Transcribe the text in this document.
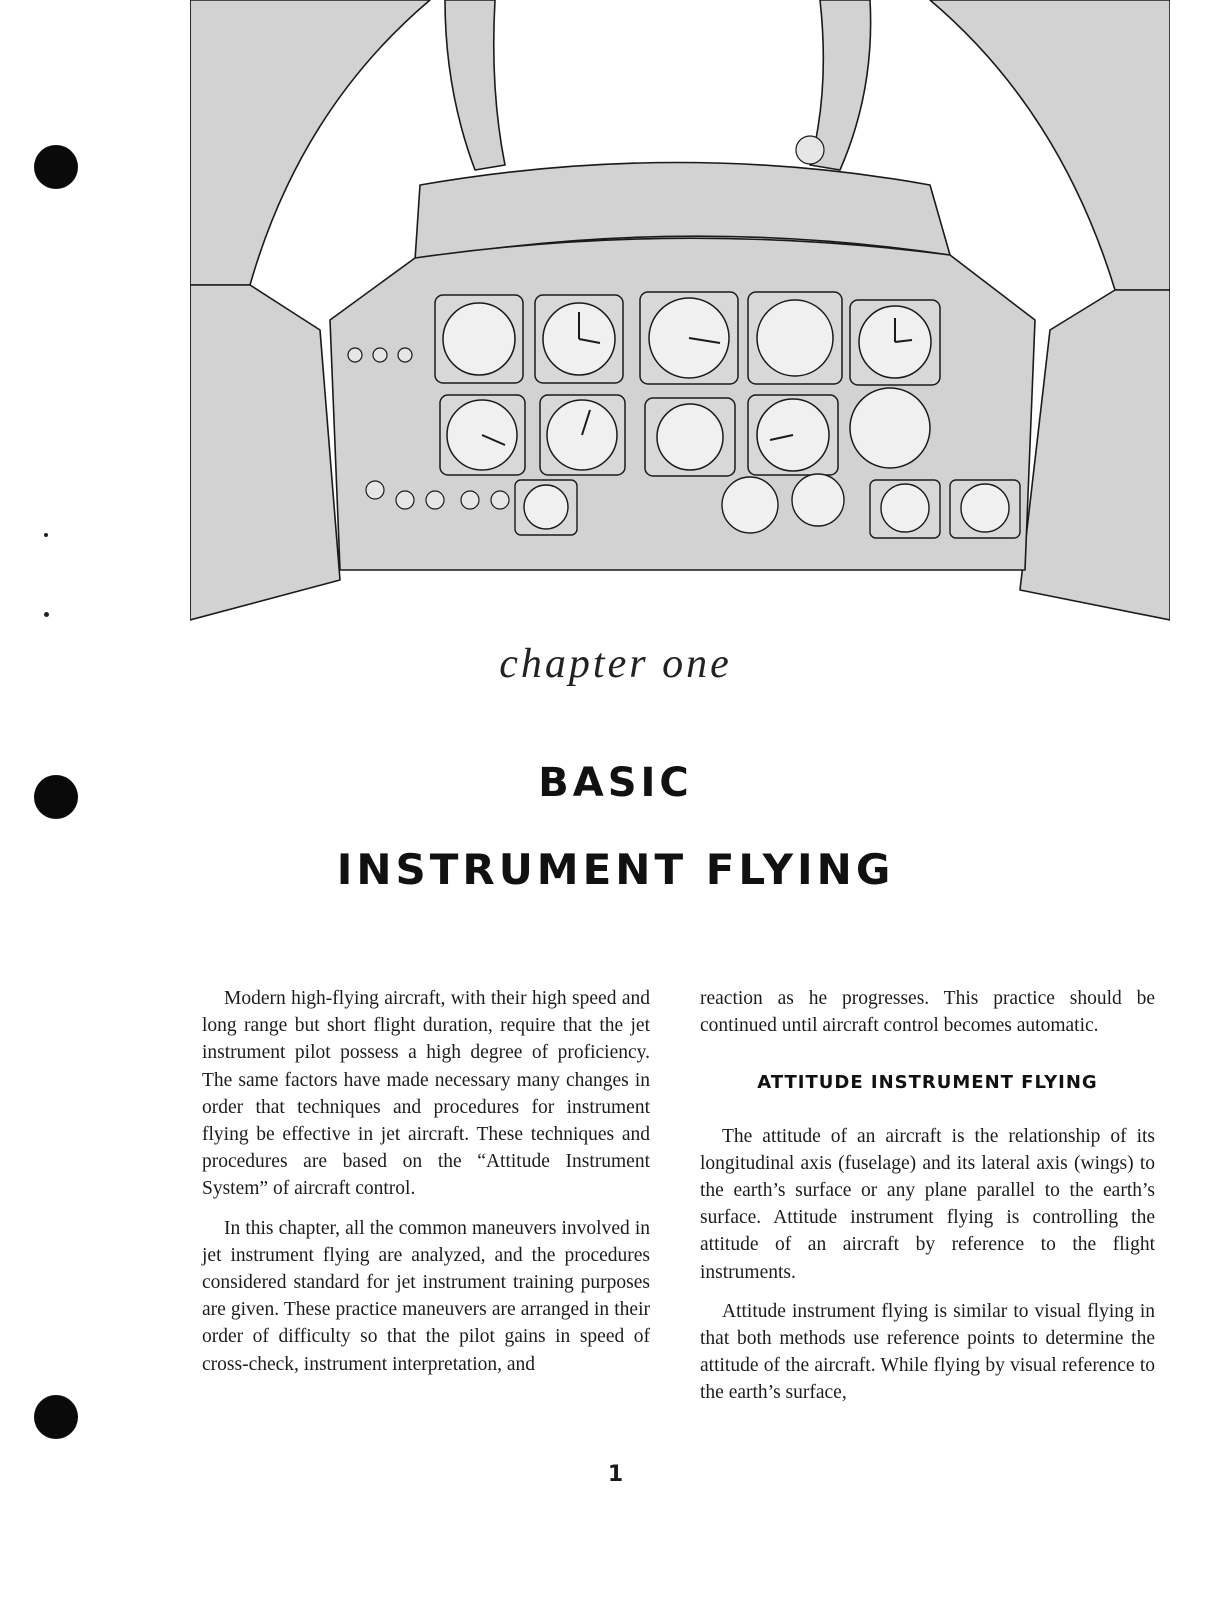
chapter one
BASIC
INSTRUMENT FLYING

Modern high-flying aircraft, with their high speed and long range but short flight duration, require that the jet instrument pilot possess a high degree of proficiency. The same factors have made necessary many changes in order that techniques and procedures for instrument flying be effective in jet aircraft. These techniques and procedures are based on the “Attitude Instrument System” of aircraft control.

In this chapter, all the common maneuvers involved in jet instrument flying are analyzed, and the procedures considered standard for jet instrument training purposes are given. These practice maneuvers are arranged in their order of difficulty so that the pilot gains in speed of cross-check, instrument interpretation, and

reaction as he progresses. This practice should be continued until aircraft control becomes automatic.

ATTITUDE INSTRUMENT FLYING

The attitude of an aircraft is the relationship of its longitudinal axis (fuselage) and its lateral axis (wings) to the earth’s surface or any plane parallel to the earth’s surface. Attitude instrument flying is controlling the attitude of an aircraft by reference to the flight instruments.

Attitude instrument flying is similar to visual flying in that both methods use reference points to determine the attitude of the aircraft. While flying by visual reference to the earth’s surface,

1
